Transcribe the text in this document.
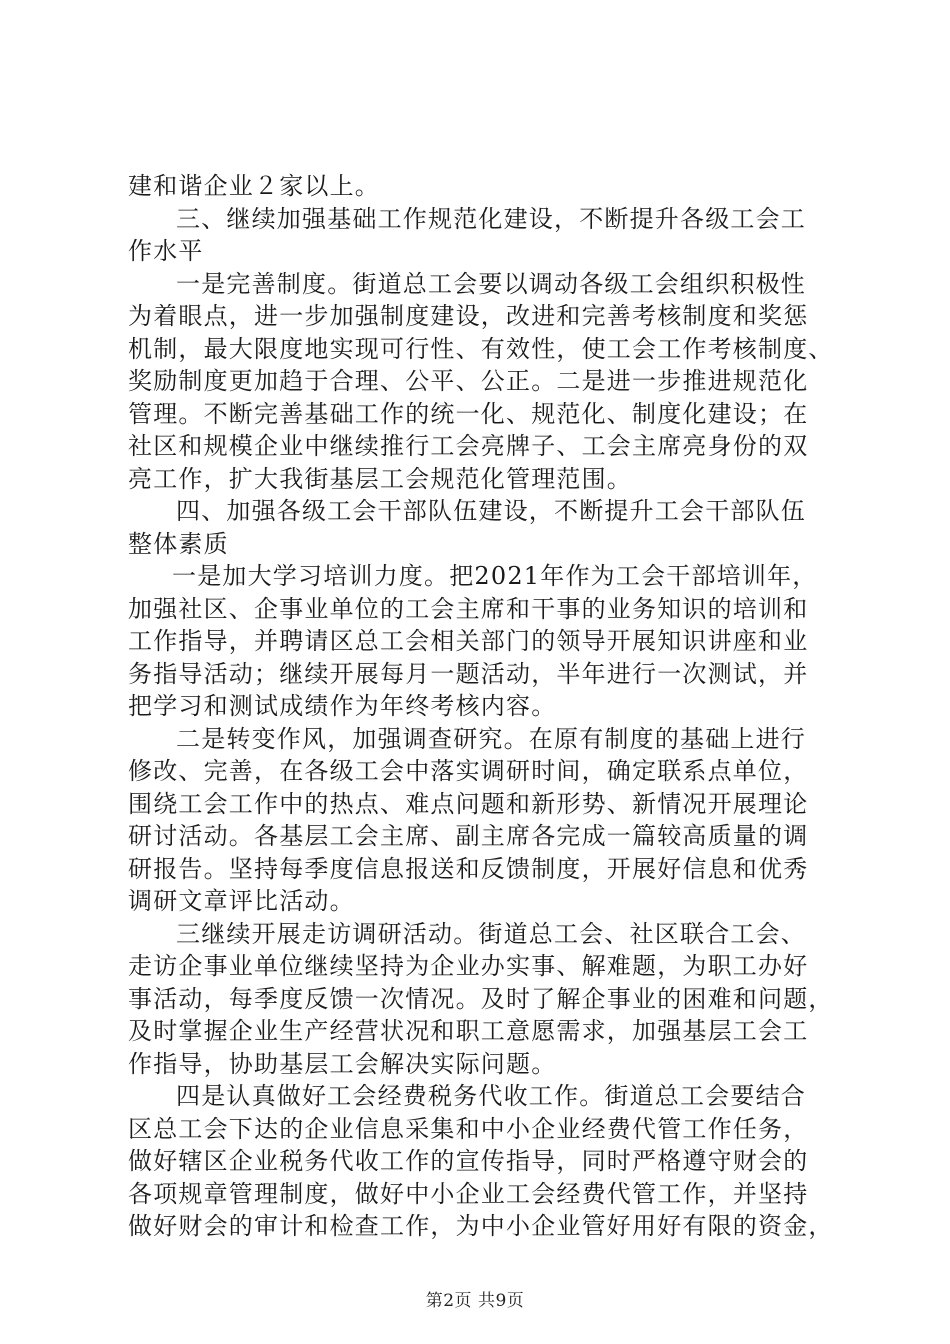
建和谐企业２家以上。
三、继续加强基础工作规范化建设，不断提升各级工会工
作水平
一是完善制度。街道总工会要以调动各级工会组织积极性
为着眼点，进一步加强制度建设，改进和完善考核制度和奖惩
机制，最大限度地实现可行性、有效性，使工会工作考核制度、
奖励制度更加趋于合理、公平、公正。二是进一步推进规范化
管理。不断完善基础工作的统一化、规范化、制度化建设；在
社区和规模企业中继续推行工会亮牌子、工会主席亮身份的双
亮工作，扩大我街基层工会规范化管理范围。
四、加强各级工会干部队伍建设，不断提升工会干部队伍
整体素质
一是加大学习培训力度。把2021年作为工会干部培训年，
加强社区、企事业单位的工会主席和干事的业务知识的培训和
工作指导，并聘请区总工会相关部门的领导开展知识讲座和业
务指导活动；继续开展每月一题活动，半年进行一次测试，并
把学习和测试成绩作为年终考核内容。
二是转变作风，加强调查研究。在原有制度的基础上进行
修改、完善，在各级工会中落实调研时间，确定联系点单位，
围绕工会工作中的热点、难点问题和新形势、新情况开展理论
研讨活动。各基层工会主席、副主席各完成一篇较高质量的调
研报告。坚持每季度信息报送和反馈制度，开展好信息和优秀
调研文章评比活动。
三继续开展走访调研活动。街道总工会、社区联合工会、
走访企事业单位继续坚持为企业办实事、解难题，为职工办好
事活动，每季度反馈一次情况。及时了解企事业的困难和问题，
及时掌握企业生产经营状况和职工意愿需求，加强基层工会工
作指导，协助基层工会解决实际问题。
四是认真做好工会经费税务代收工作。街道总工会要结合
区总工会下达的企业信息采集和中小企业经费代管工作任务，
做好辖区企业税务代收工作的宣传指导，同时严格遵守财会的
各项规章管理制度，做好中小企业工会经费代管工作，并坚持
做好财会的审计和检查工作，为中小企业管好用好有限的资金，
第2页 共9页
